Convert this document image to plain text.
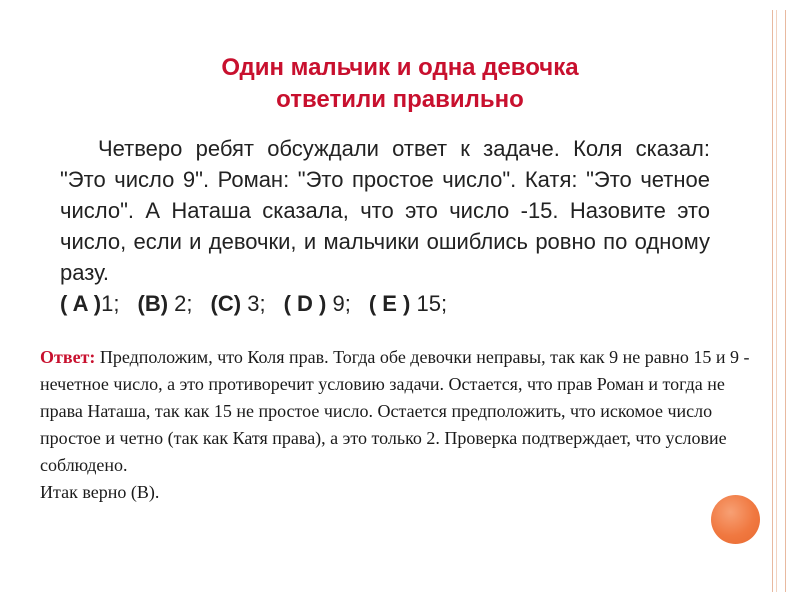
Один мальчик и одна девочка
ответили правильно

Четверо ребят обсуждали ответ к задаче. Коля сказал: "Это число 9". Роман: "Это простое число". Катя: "Это четное число". А Наташа сказала, что это число -15. Назовите это число, если и девочки, и мальчики ошиблись ровно по одному разу.

( A )1; (B) 2; (C) 3; ( D ) 9; ( E ) 15;

Ответ: Предположим, что Коля прав. Тогда обе девочки неправы, так как 9 не равно 15 и 9 - нечетное число, а это противоречит условию задачи. Остается, что прав Роман и тогда не права Наташа, так как 15 не простое число. Остается предположить, что искомое число простое и четно (так как Катя права), а это только 2. Проверка подтверждает, что условие соблюдено.

Итак верно (В).
